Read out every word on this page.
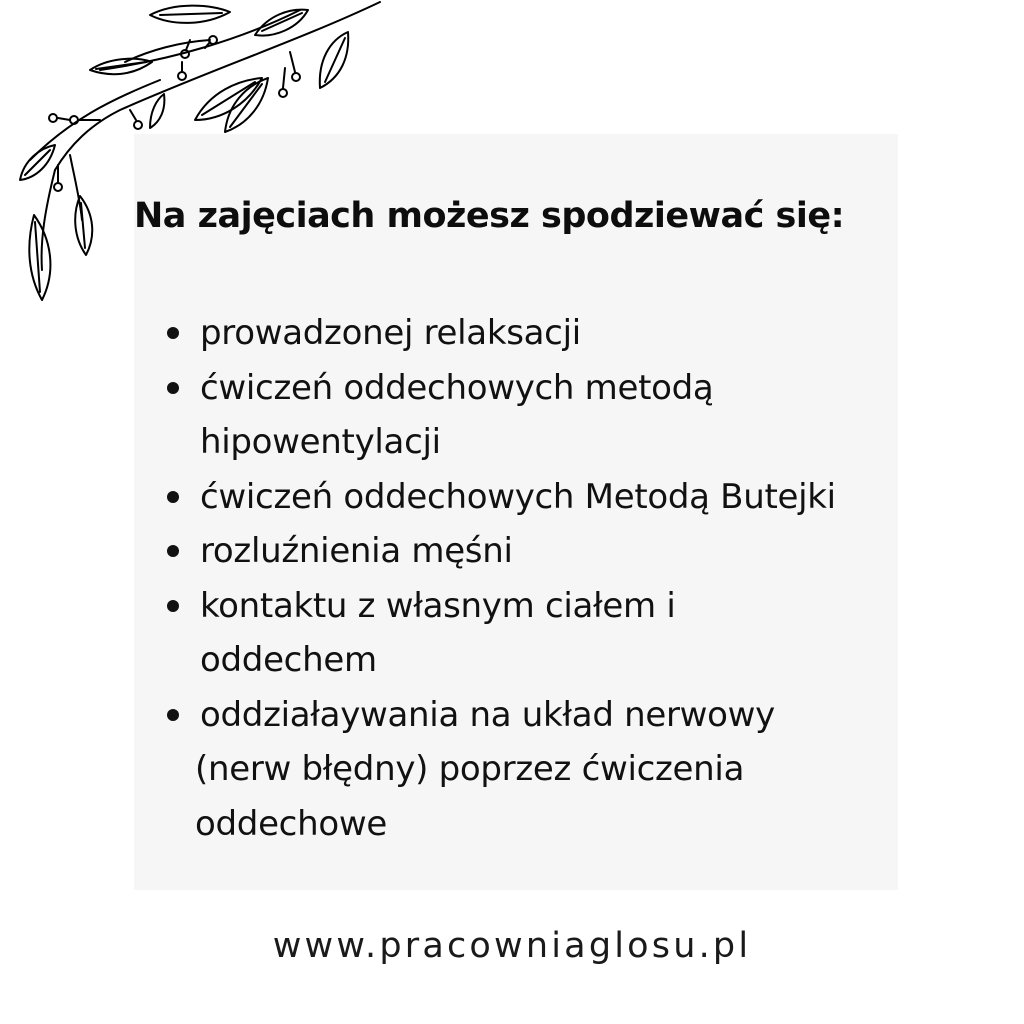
Na zajęciach możesz spodziewać się:
prowadzonej relaksacji
ćwiczeń oddechowych metodą
hipowentylacji
ćwiczeń oddechowych Metodą Butejki
rozluźnienia męśni
kontaktu z własnym ciałem i
oddechem
oddziałaywania na układ nerwowy
(nerw błędny) poprzez ćwiczenia
oddechowe
www.pracowniaglosu.pl
